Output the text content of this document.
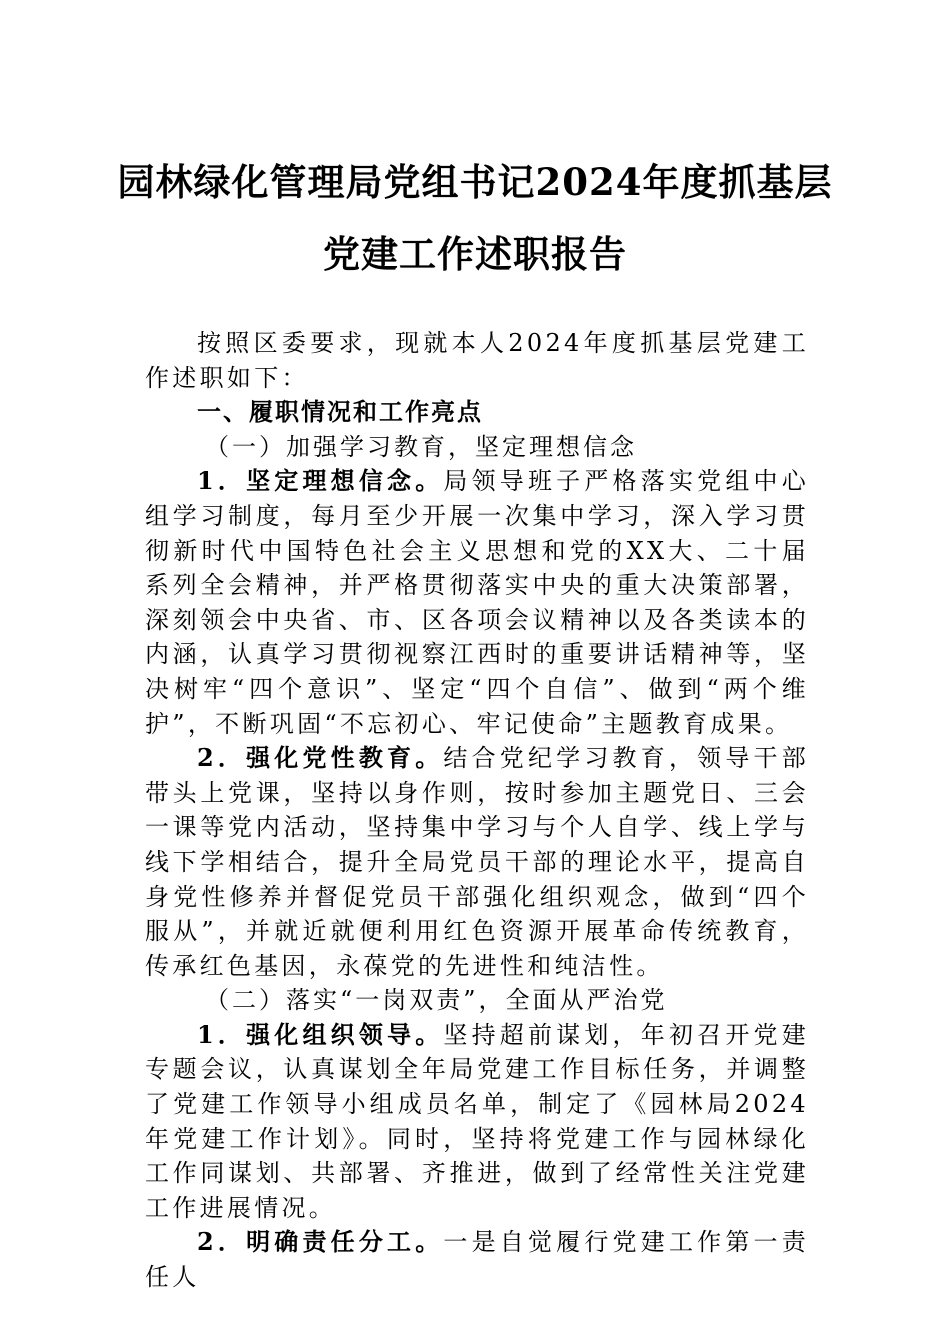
园林绿化管理局党组书记2024年度抓基层
党建工作述职报告

按照区委要求，现就本人2024年度抓基层党建工作述职如下：

一、履职情况和工作亮点

（一）加强学习教育，坚定理想信念

1．坚定理想信念。局领导班子严格落实党组中心组学习制度，每月至少开展一次集中学习，深入学习贯彻新时代中国特色社会主义思想和党的XX大、二十届系列全会精神，并严格贯彻落实中央的重大决策部署，深刻领会中央省、市、区各项会议精神以及各类读本的内涵，认真学习贯彻视察江西时的重要讲话精神等，坚决树牢“四个意识”、坚定“四个自信”、做到“两个维护”，不断巩固“不忘初心、牢记使命”主题教育成果。

2．强化党性教育。结合党纪学习教育，领导干部带头上党课，坚持以身作则，按时参加主题党日、三会一课等党内活动，坚持集中学习与个人自学、线上学与线下学相结合，提升全局党员干部的理论水平，提高自身党性修养并督促党员干部强化组织观念，做到“四个服从”，并就近就便利用红色资源开展革命传统教育，传承红色基因，永葆党的先进性和纯洁性。

（二）落实“一岗双责”，全面从严治党

1．强化组织领导。坚持超前谋划，年初召开党建专题会议，认真谋划全年局党建工作目标任务，并调整了党建工作领导小组成员名单，制定了《园林局2024年党建工作计划》。同时，坚持将党建工作与园林绿化工作同谋划、共部署、齐推进，做到了经常性关注党建工作进展情况。

2．明确责任分工。一是自觉履行党建工作第一责任人
